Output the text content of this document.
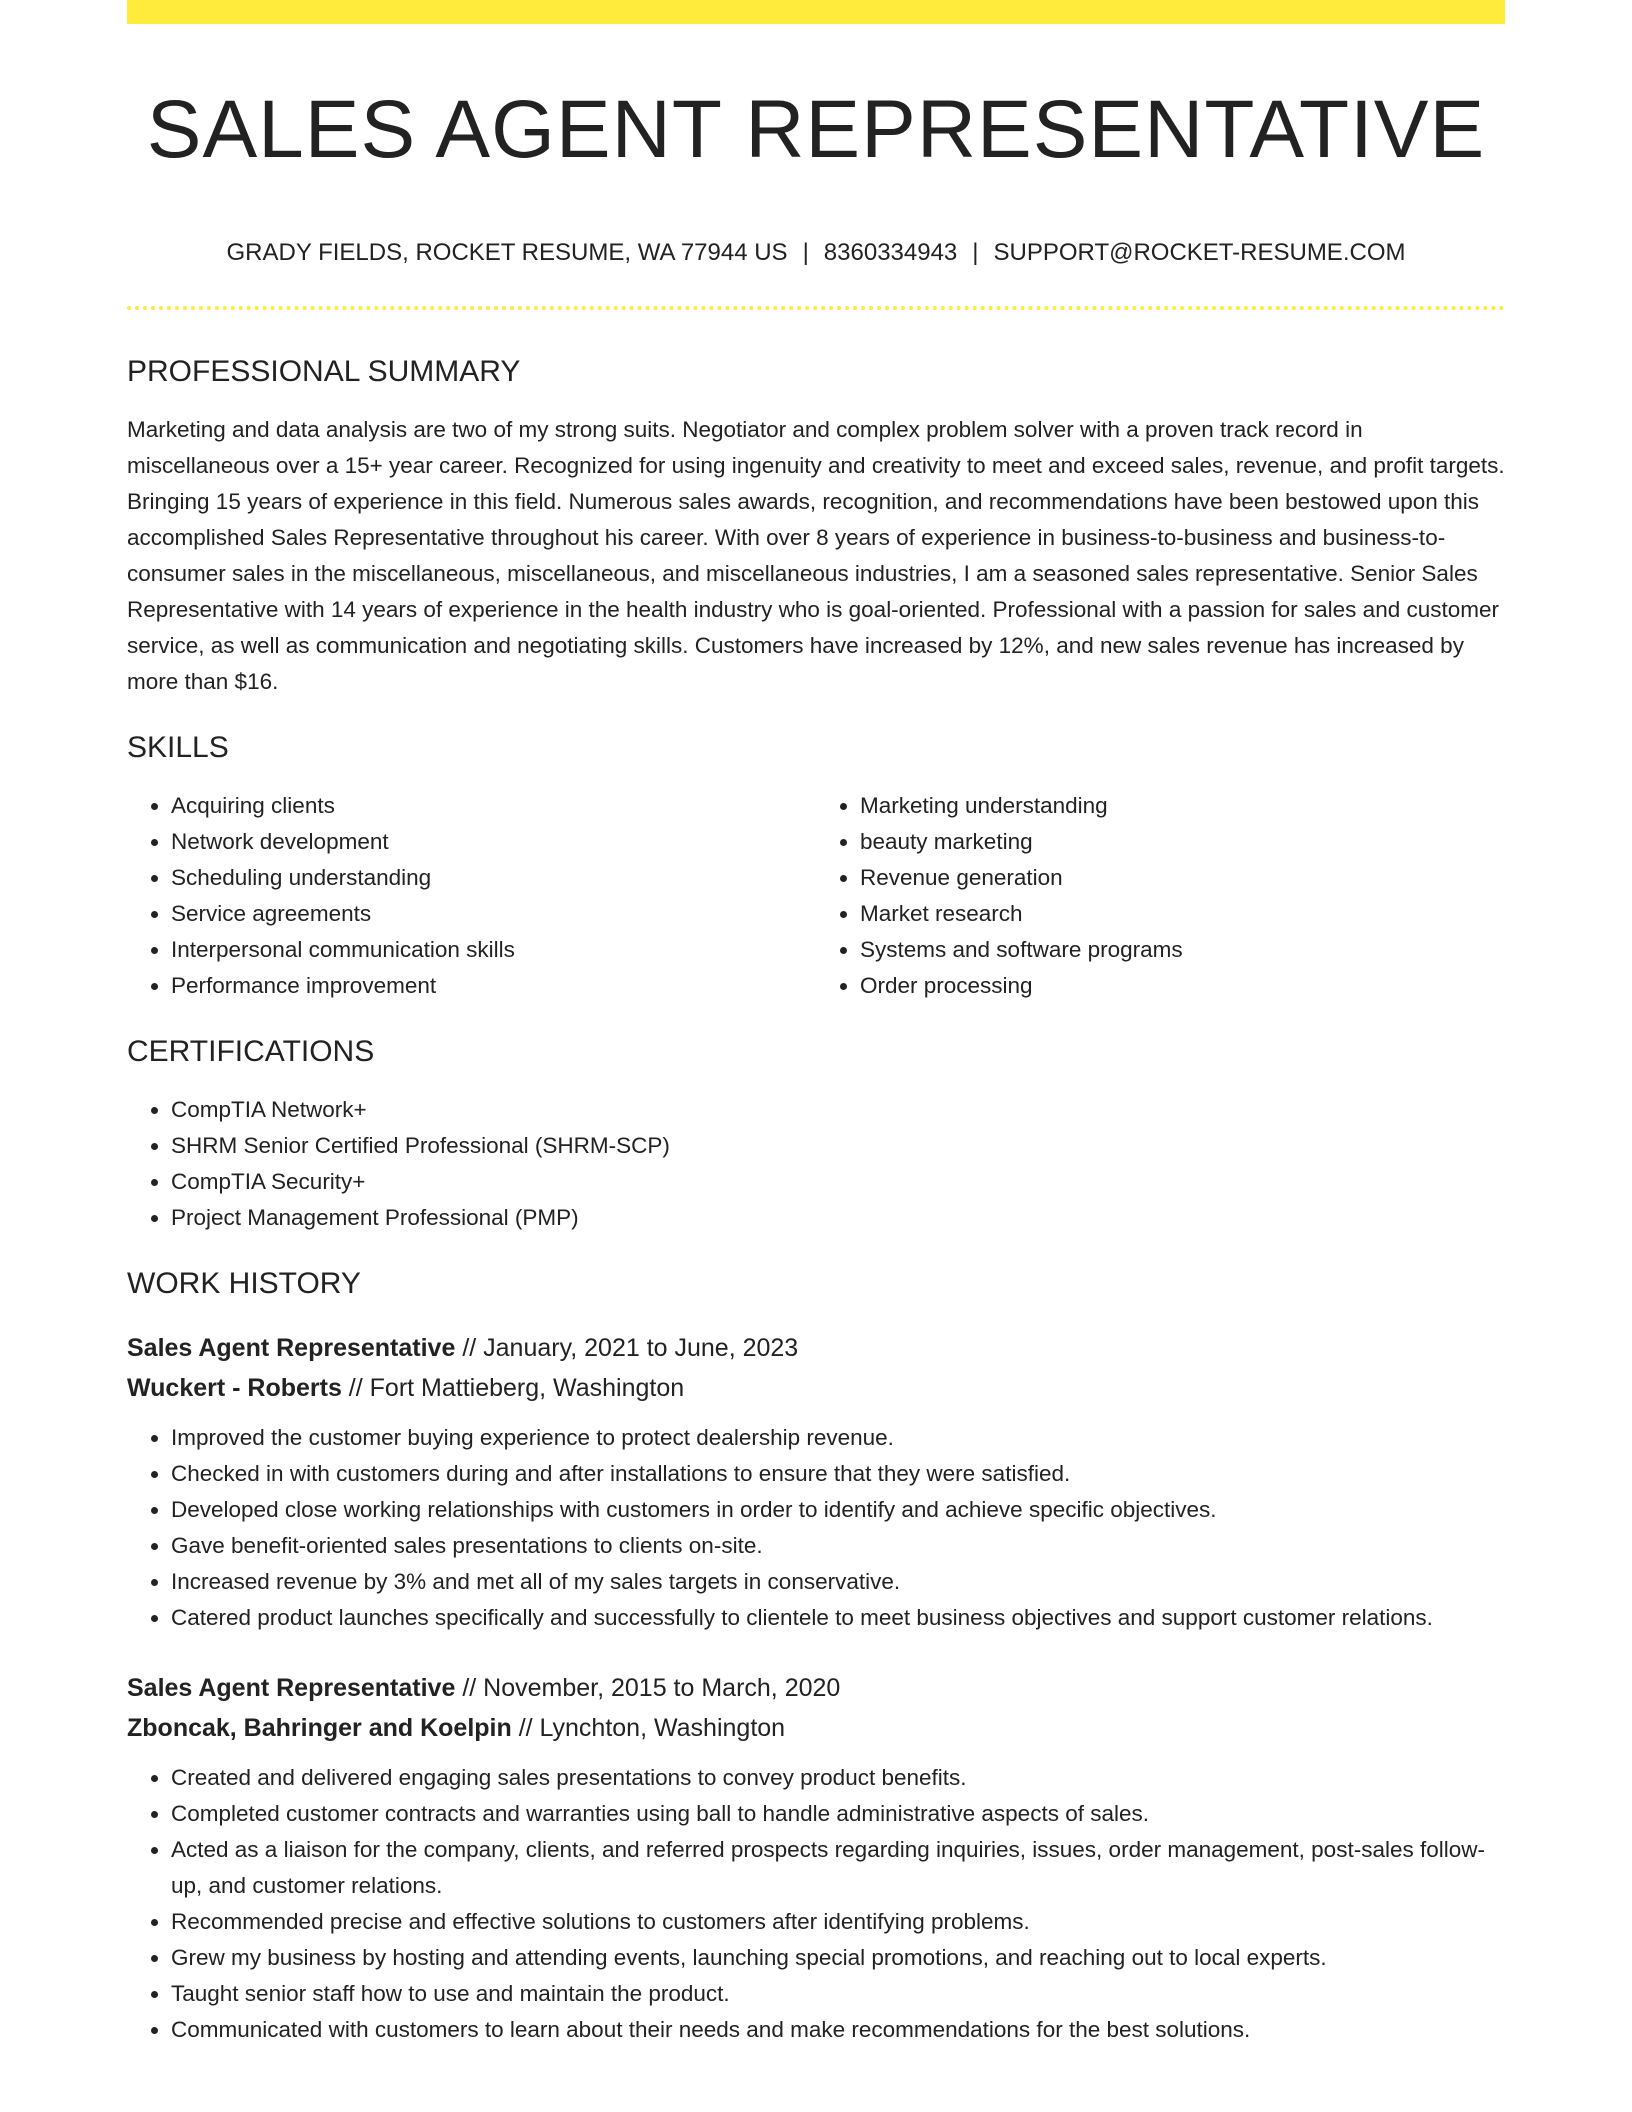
SALES AGENT REPRESENTATIVE
GRADY FIELDS, ROCKET RESUME, WA 77944 US | 8360334943 | SUPPORT@ROCKET-RESUME.COM
PROFESSIONAL SUMMARY

Marketing and data analysis are two of my strong suits. Negotiator and complex problem solver with a proven track record in miscellaneous over a 15+ year career. Recognized for using ingenuity and creativity to meet and exceed sales, revenue, and profit targets. Bringing 15 years of experience in this field. Numerous sales awards, recognition, and recommendations have been bestowed upon this accomplished Sales Representative throughout his career. With over 8 years of experience in business-to-business and business-to-consumer sales in the miscellaneous, miscellaneous, and miscellaneous industries, I am a seasoned sales representative. Senior Sales Representative with 14 years of experience in the health industry who is goal-oriented. Professional with a passion for sales and customer service, as well as communication and negotiating skills. Customers have increased by 12%, and new sales revenue has increased by more than $16.

SKILLS
• Acquiring clients
• Network development
• Scheduling understanding
• Service agreements
• Interpersonal communication skills
• Performance improvement
• Marketing understanding
• beauty marketing
• Revenue generation
• Market research
• Systems and software programs
• Order processing
CERTIFICATIONS
• CompTIA Network+
• SHRM Senior Certified Professional (SHRM-SCP)
• CompTIA Security+
• Project Management Professional (PMP)
WORK HISTORY
Sales Agent Representative // January, 2021 to June, 2023
Wuckert - Roberts // Fort Mattieberg, Washington
• Improved the customer buying experience to protect dealership revenue.
• Checked in with customers during and after installations to ensure that they were satisfied.
• Developed close working relationships with customers in order to identify and achieve specific objectives.
• Gave benefit-oriented sales presentations to clients on-site.
• Increased revenue by 3% and met all of my sales targets in conservative.
• Catered product launches specifically and successfully to clientele to meet business objectives and support customer relations.
Sales Agent Representative // November, 2015 to March, 2020
Zboncak, Bahringer and Koelpin // Lynchton, Washington
• Created and delivered engaging sales presentations to convey product benefits.
• Completed customer contracts and warranties using ball to handle administrative aspects of sales.
• Acted as a liaison for the company, clients, and referred prospects regarding inquiries, issues, order management, post-sales follow-up, and customer relations.
• Recommended precise and effective solutions to customers after identifying problems.
• Grew my business by hosting and attending events, launching special promotions, and reaching out to local experts.
• Taught senior staff how to use and maintain the product.
• Communicated with customers to learn about their needs and make recommendations for the best solutions.
